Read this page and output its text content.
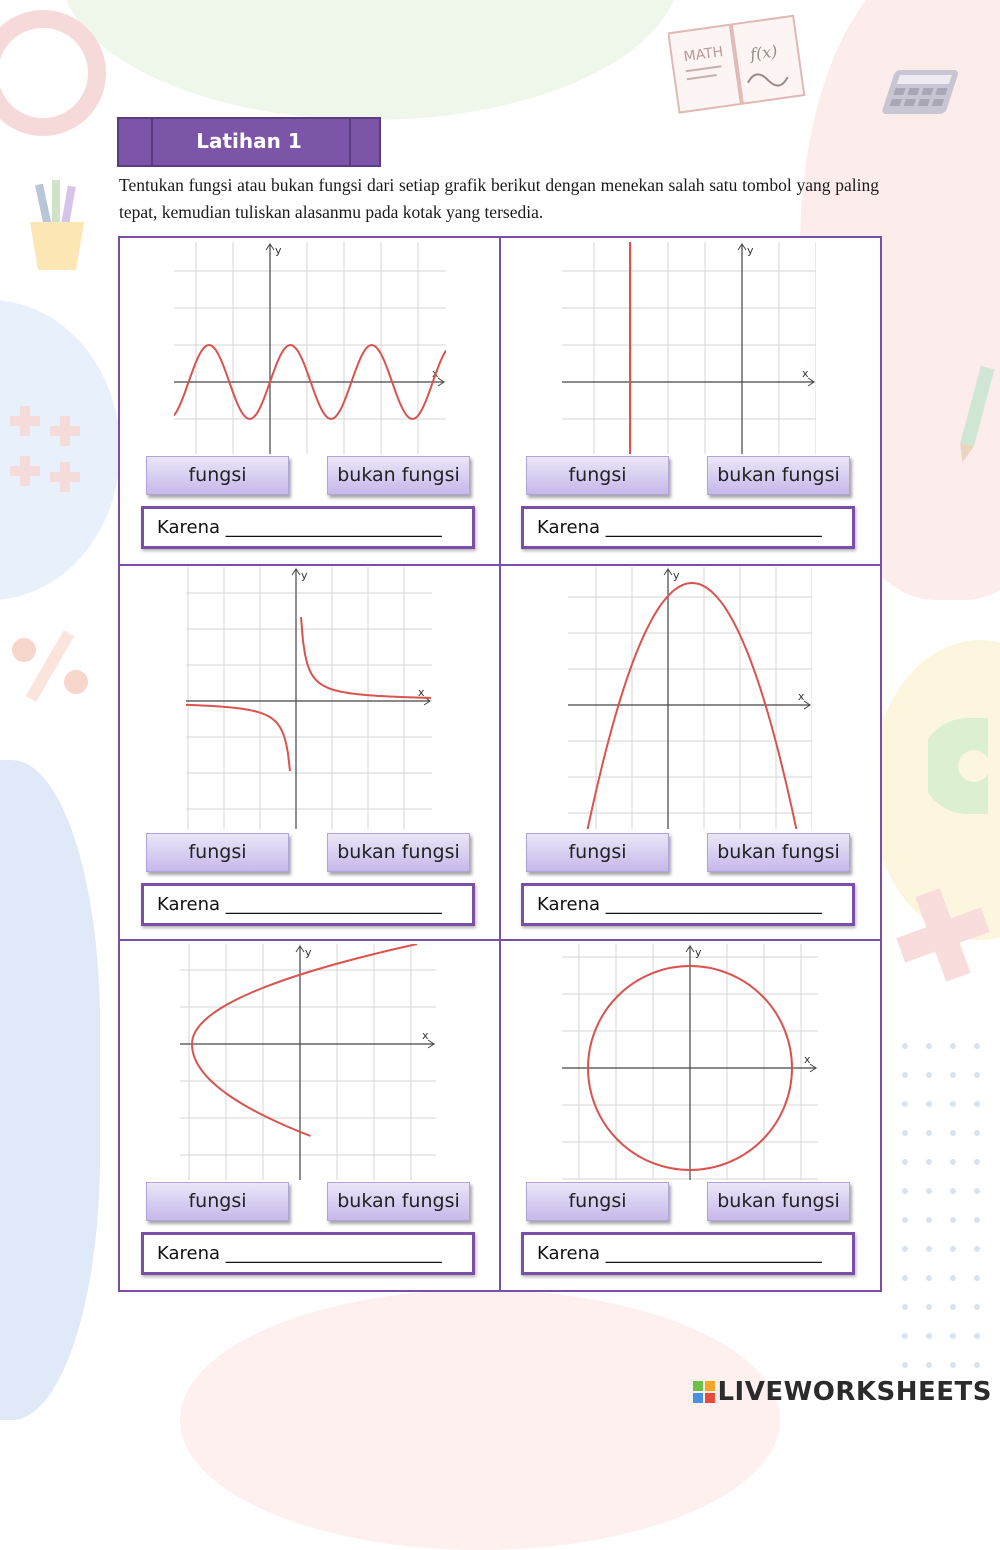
MATH f(x)
Latihan 1
Tentukan fungsi atau bukan fungsi dari setiap grafik berikut dengan menekan salah satu tombol yang paling tepat, kemudian tuliskan alasanmu pada kotak yang tersedia.
x
y
fungsi	bukan fungsi
Karena ________________________
x
y
fungsi	bukan fungsi
Karena ________________________
x
y
fungsi	bukan fungsi
Karena ________________________
x
y
fungsi	bukan fungsi
Karena ________________________
x
y
fungsi	bukan fungsi
Karena ________________________
x
y
fungsi	bukan fungsi
Karena ________________________
LIVEWORKSHEETS
